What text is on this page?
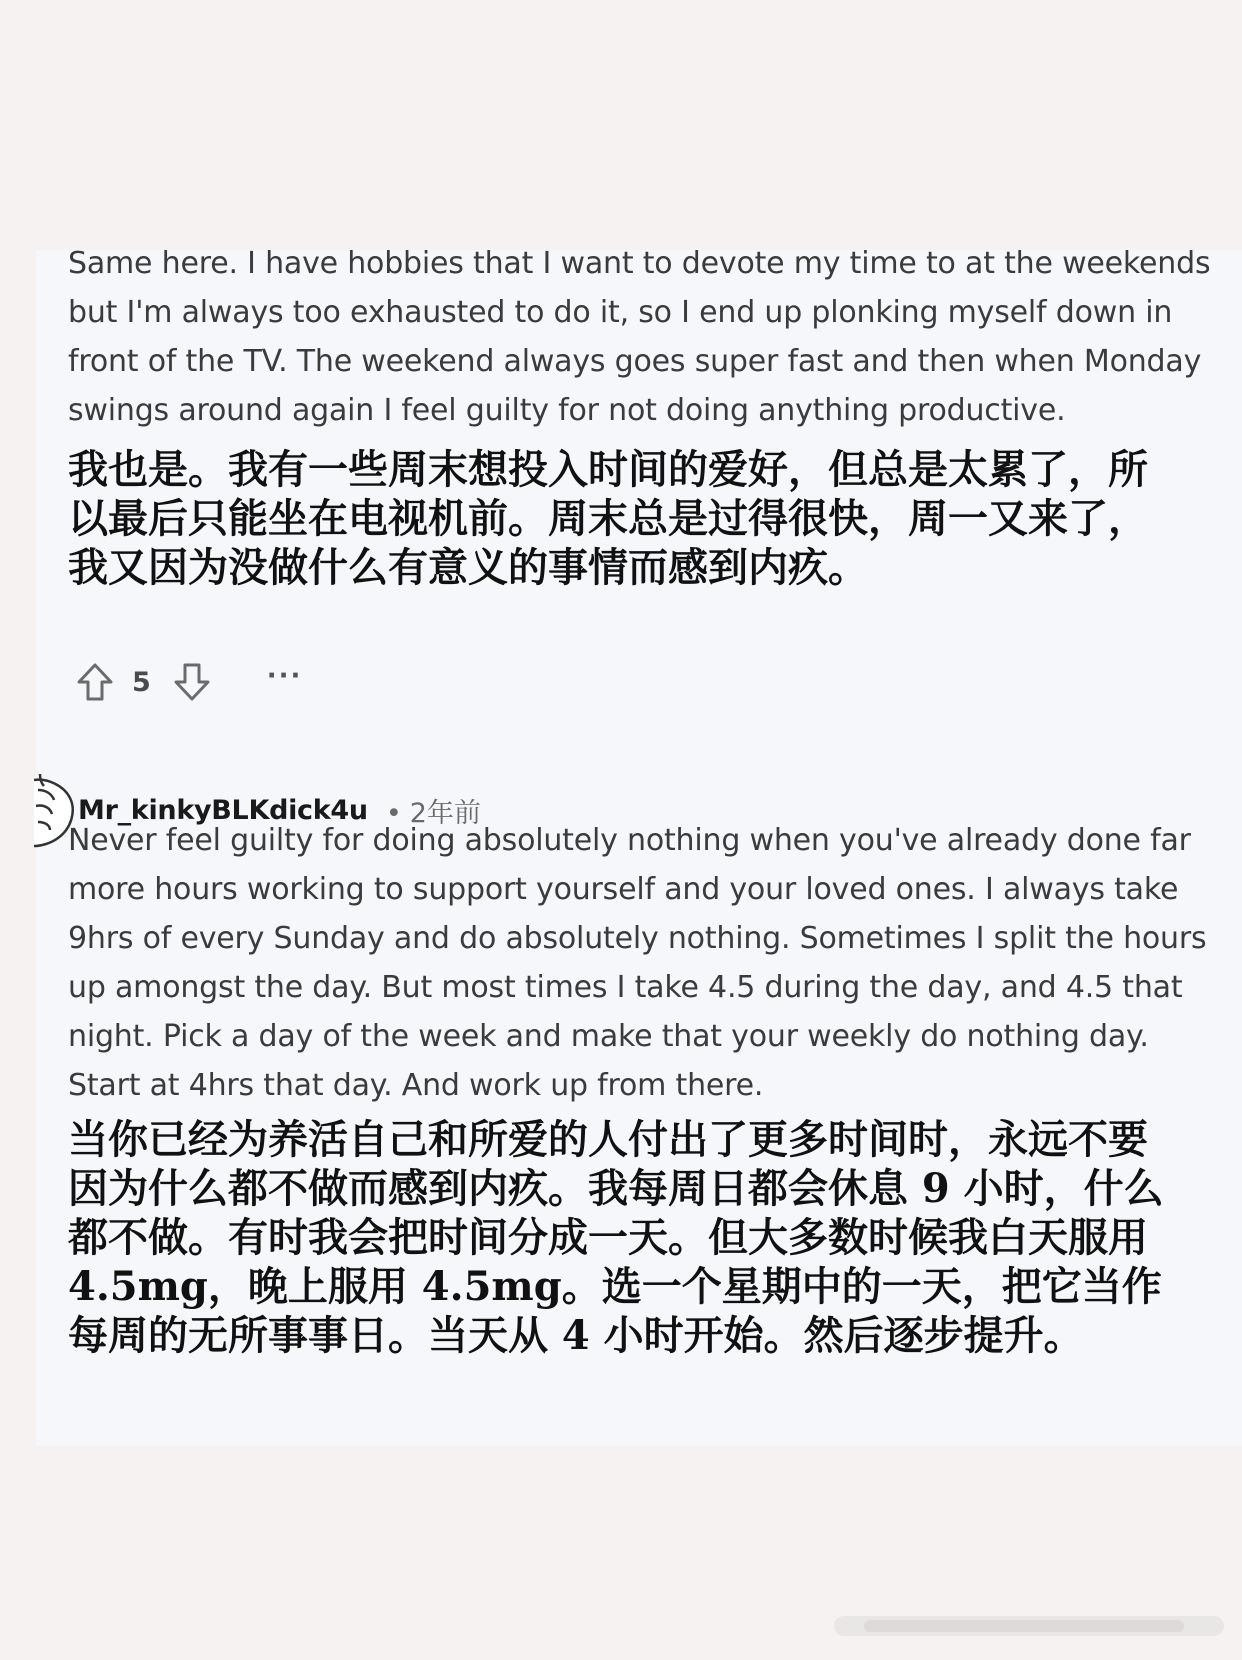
Same here. I have hobbies that I want to devote my time to at the weekends
but I'm always too exhausted to do it, so I end up plonking myself down in
front of the TV. The weekend always goes super fast and then when Monday
swings around again I feel guilty for not doing anything productive.
我也是。我有一些周末想投入时间的爱好，但总是太累了，所
以最后只能坐在电视机前。周末总是过得很快，周一又来了，
我又因为没做什么有意义的事情而感到内疚。
5	···
Mr_kinkyBLKdick4u • 2年前
Never feel guilty for doing absolutely nothing when you've already done far
more hours working to support yourself and your loved ones. I always take
9hrs of every Sunday and do absolutely nothing. Sometimes I split the hours
up amongst the day. But most times I take 4.5 during the day, and 4.5 that
night. Pick a day of the week and make that your weekly do nothing day.
Start at 4hrs that day. And work up from there.
当你已经为养活自己和所爱的人付出了更多时间时，永远不要
因为什么都不做而感到内疚。我每周日都会休息 9 小时，什么
都不做。有时我会把时间分成一天。但大多数时候我白天服用
4.5mg，晚上服用 4.5mg。选一个星期中的一天，把它当作
每周的无所事事日。当天从 4 小时开始。然后逐步提升。
